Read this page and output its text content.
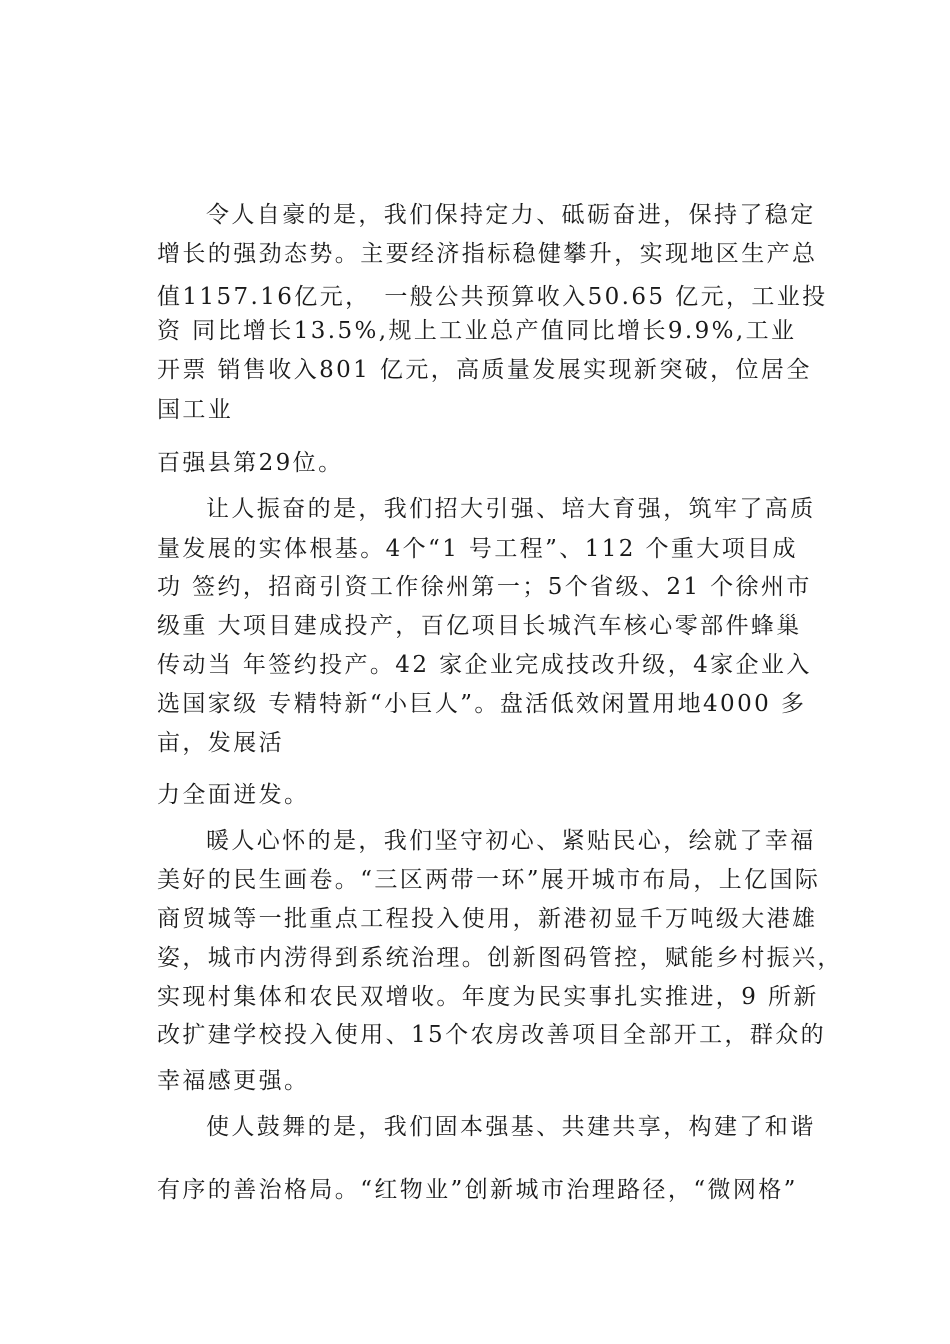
令人自豪的是，我们保持定力、砥砺奋进，保持了稳定
增长的强劲态势。主要经济指标稳健攀升，实现地区生产总
值1157.16亿元，　一般公共预算收入50.65 亿元，工业投
资 同比增长13.5%,规上工业总产值同比增长9.9%,工业
开票 销售收入801 亿元，高质量发展实现新突破，位居全
国工业
百强县第29位。
让人振奋的是，我们招大引强、培大育强，筑牢了高质
量发展的实体根基。4个“1 号工程”、112 个重大项目成
功 签约，招商引资工作徐州第一；5个省级、21 个徐州市
级重 大项目建成投产，百亿项目长城汽车核心零部件蜂巢
传动当 年签约投产。42 家企业完成技改升级，4家企业入
选国家级 专精特新“小巨人”。盘活低效闲置用地4000 多
亩，发展活
力全面迸发。
暖人心怀的是，我们坚守初心、紧贴民心，绘就了幸福
美好的民生画卷。“三区两带一环”展开城市布局，上亿国际
商贸城等一批重点工程投入使用，新港初显千万吨级大港雄
姿，城市内涝得到系统治理。创新图码管控，赋能乡村振兴，
实现村集体和农民双增收。年度为民实事扎实推进，9 所新
改扩建学校投入使用、15个农房改善项目全部开工，群众的
幸福感更强。
使人鼓舞的是，我们固本强基、共建共享，构建了和谐
有序的善治格局。“红物业”创新城市治理路径，“微网格”
